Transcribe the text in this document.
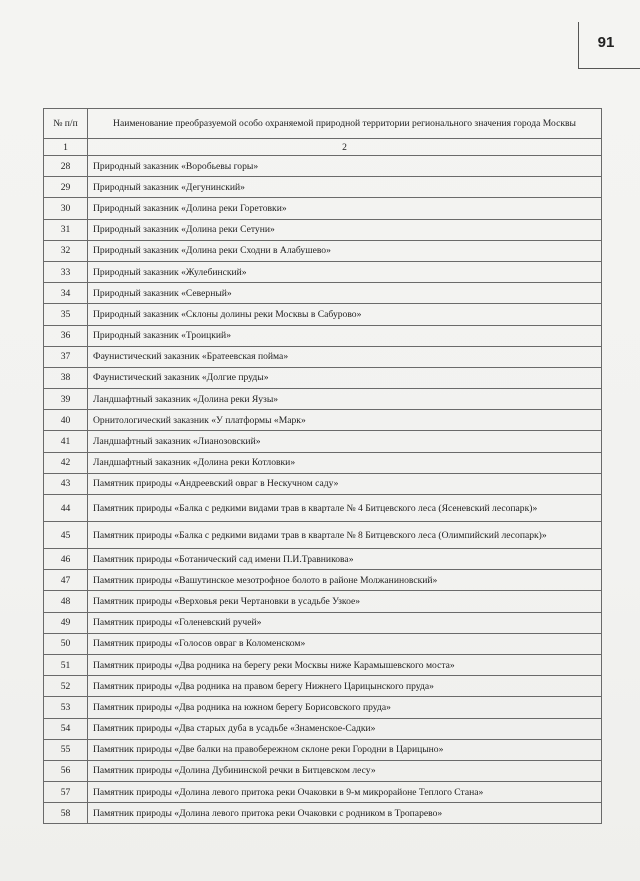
91
№ п/п	Наименование преобразуемой особо охраняемой природной территории регионального значения города Москвы
1	2
28	Природный заказник «Воробьевы горы»
29	Природный заказник «Дегунинский»
30	Природный заказник «Долина реки Горетовки»
31	Природный заказник «Долина реки Сетуни»
32	Природный заказник «Долина реки Сходни в Алабушево»
33	Природный заказник «Жулебинский»
34	Природный заказник «Северный»
35	Природный заказник «Склоны долины реки Москвы в Сабурово»
36	Природный заказник «Троицкий»
37	Фаунистический заказник «Братеевская пойма»
38	Фаунистический заказник «Долгие пруды»
39	Ландшафтный заказник «Долина реки Яузы»
40	Орнитологический заказник «У платформы «Марк»
41	Ландшафтный заказник «Лианозовский»
42	Ландшафтный заказник «Долина реки Котловки»
43	Памятник природы «Андреевский овраг в Нескучном саду»
44	Памятник природы «Балка с редкими видами трав в квартале № 4 Битцевского леса (Ясеневский лесопарк)»
45	Памятник природы «Балка с редкими видами трав в квартале № 8 Битцевского леса (Олимпийский лесопарк)»
46	Памятник природы «Ботанический сад имени П.И.Травникова»
47	Памятник природы «Вашутинское мезотрофное болото в районе Молжаниновский»
48	Памятник природы «Верховья реки Чертановки в усадьбе Узкое»
49	Памятник природы «Голеневский ручей»
50	Памятник природы «Голосов овраг в Коломенском»
51	Памятник природы «Два родника на берегу реки Москвы ниже Карамышевского моста»
52	Памятник природы «Два родника на правом берегу Нижнего Царицынского пруда»
53	Памятник природы «Два родника на южном берегу Борисовского пруда»
54	Памятник природы «Два старых дуба в усадьбе «Знаменское-Садки»
55	Памятник природы «Две балки на правобережном склоне реки Городни в Царицыно»
56	Памятник природы «Долина Дубининской речки в Битцевском лесу»
57	Памятник природы «Долина левого притока реки Очаковки в 9-м микрорайоне Теплого Стана»
58	Памятник природы «Долина левого притока реки Очаковки с родником в Тропарево»
